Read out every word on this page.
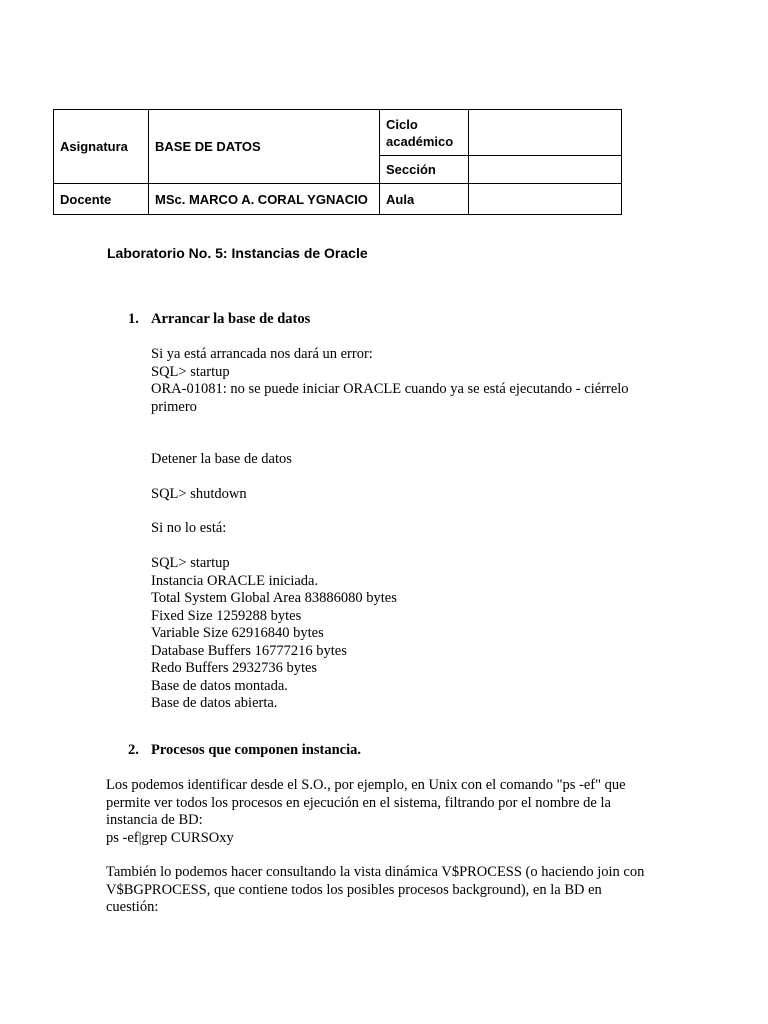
Asignatura	BASE DE DATOS	Ciclo académico	
		Sección	
Docente	MSc. MARCO A. CORAL YGNACIO	Aula	
Laboratorio No. 5: Instancias de Oracle
1. Arrancar la base de datos
Si ya está arrancada nos dará un error:
SQL> startup
ORA-01081: no se puede iniciar ORACLE cuando ya se está ejecutando - ciérrelo
primero
Detener la base de datos
SQL> shutdown
Si no lo está:
SQL> startup
Instancia ORACLE iniciada.
Total System Global Area 83886080 bytes
Fixed Size 1259288 bytes
Variable Size 62916840 bytes
Database Buffers 16777216 bytes
Redo Buffers 2932736 bytes
Base de datos montada.
Base de datos abierta.
2. Procesos que componen instancia.
Los podemos identificar desde el S.O., por ejemplo, en Unix con el comando "ps -ef" que
permite ver todos los procesos en ejecución en el sistema, filtrando por el nombre de la
instancia de BD:
ps -ef|grep CURSOxy
También lo podemos hacer consultando la vista dinámica V$PROCESS (o haciendo join con
V$BGPROCESS, que contiene todos los posibles procesos background), en la BD en
cuestión:
